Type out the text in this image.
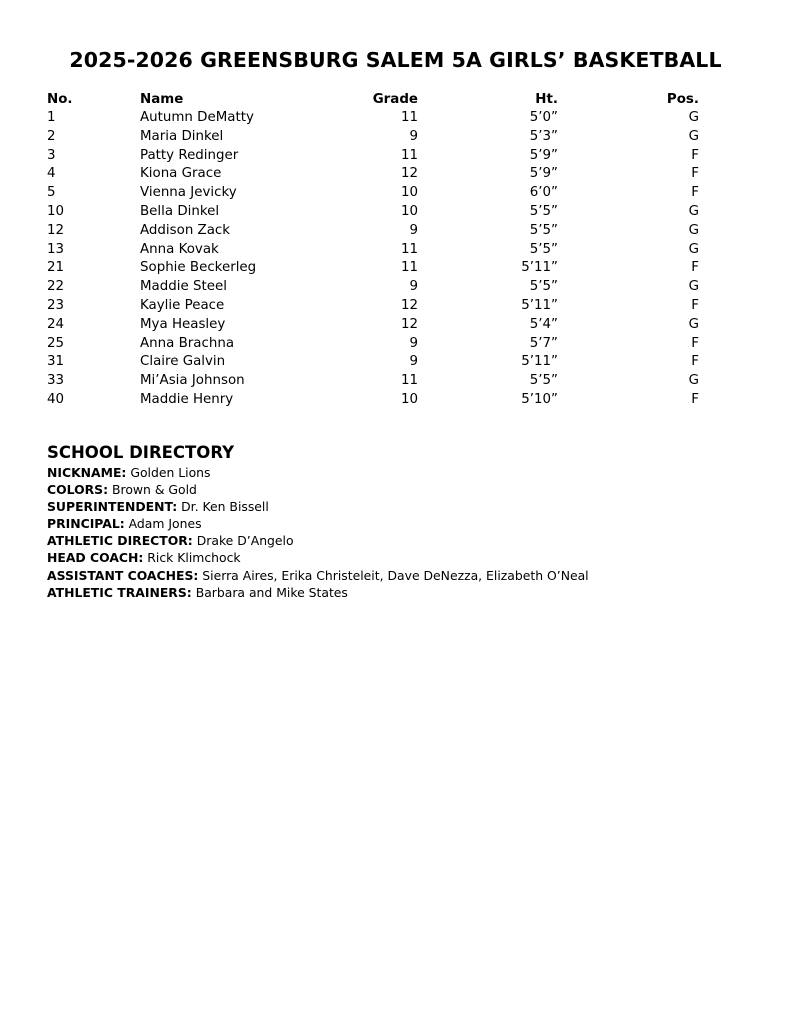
2025-2026 GREENSBURG SALEM 5A GIRLS’ BASKETBALL
No.	Name	Grade	Ht.	Pos.
1	Autumn DeMatty	11	5’0”	G
2	Maria Dinkel	9	5’3”	G
3	Patty Redinger	11	5’9”	F
4	Kiona Grace	12	5’9”	F
5	Vienna Jevicky	10	6’0”	F
10	Bella Dinkel	10	5’5”	G
12	Addison Zack	9	5’5”	G
13	Anna Kovak	11	5’5”	G
21	Sophie Beckerleg	11	5’11”	F
22	Maddie Steel	9	5’5”	G
23	Kaylie Peace	12	5’11”	F
24	Mya Heasley	12	5’4”	G
25	Anna Brachna	9	5’7”	F
31	Claire Galvin	9	5’11”	F
33	Mi’Asia Johnson	11	5’5”	G
40	Maddie Henry	10	5’10”	F
SCHOOL DIRECTORY
NICKNAME: Golden Lions
COLORS: Brown & Gold
SUPERINTENDENT: Dr. Ken Bissell
PRINCIPAL: Adam Jones
ATHLETIC DIRECTOR: Drake D’Angelo
HEAD COACH: Rick Klimchock
ASSISTANT COACHES: Sierra Aires, Erika Christeleit, Dave DeNezza, Elizabeth O’Neal
ATHLETIC TRAINERS: Barbara and Mike States
